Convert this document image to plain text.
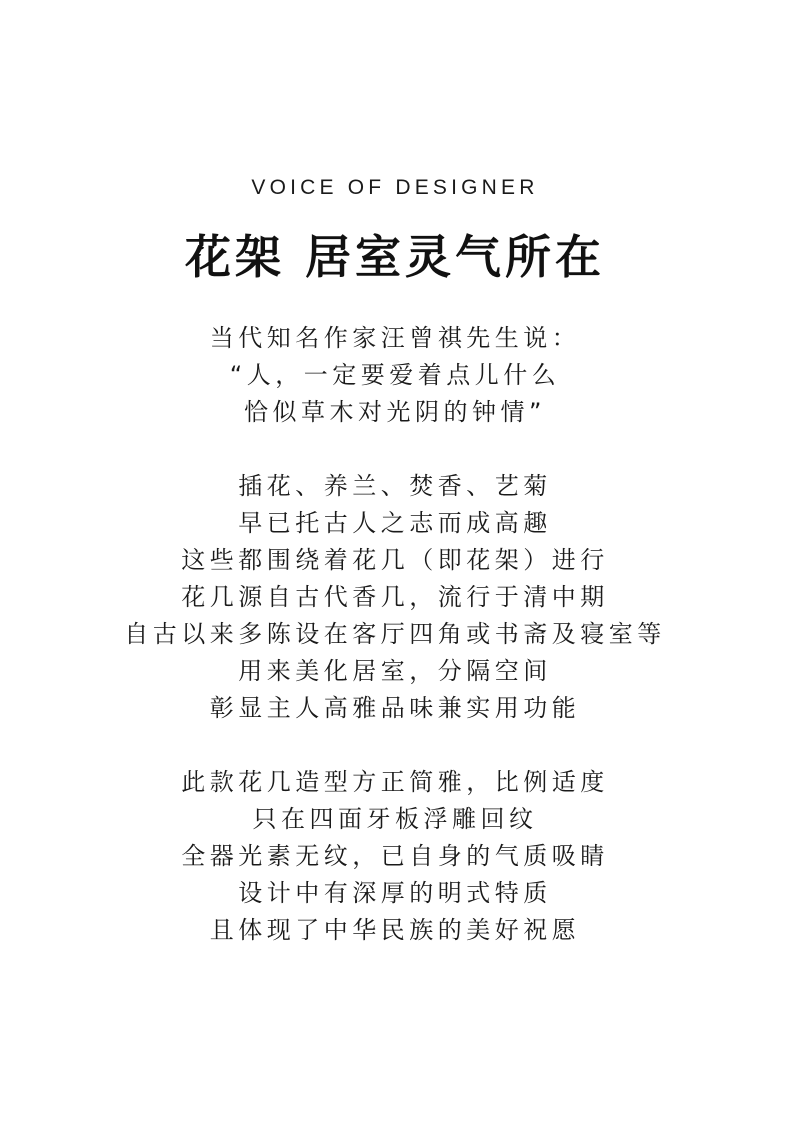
VOICE OF DESIGNER
花架 居室灵气所在
当代知名作家汪曾祺先生说：
“人，一定要爱着点儿什么
恰似草木对光阴的钟情”
插花、养兰、焚香、艺菊
早已托古人之志而成高趣
这些都围绕着花几（即花架）进行
花几源自古代香几，流行于清中期
自古以来多陈设在客厅四角或书斋及寝室等
用来美化居室，分隔空间
彰显主人高雅品味兼实用功能
此款花几造型方正简雅，比例适度
只在四面牙板浮雕回纹
全器光素无纹，已自身的气质吸睛
设计中有深厚的明式特质
且体现了中华民族的美好祝愿
